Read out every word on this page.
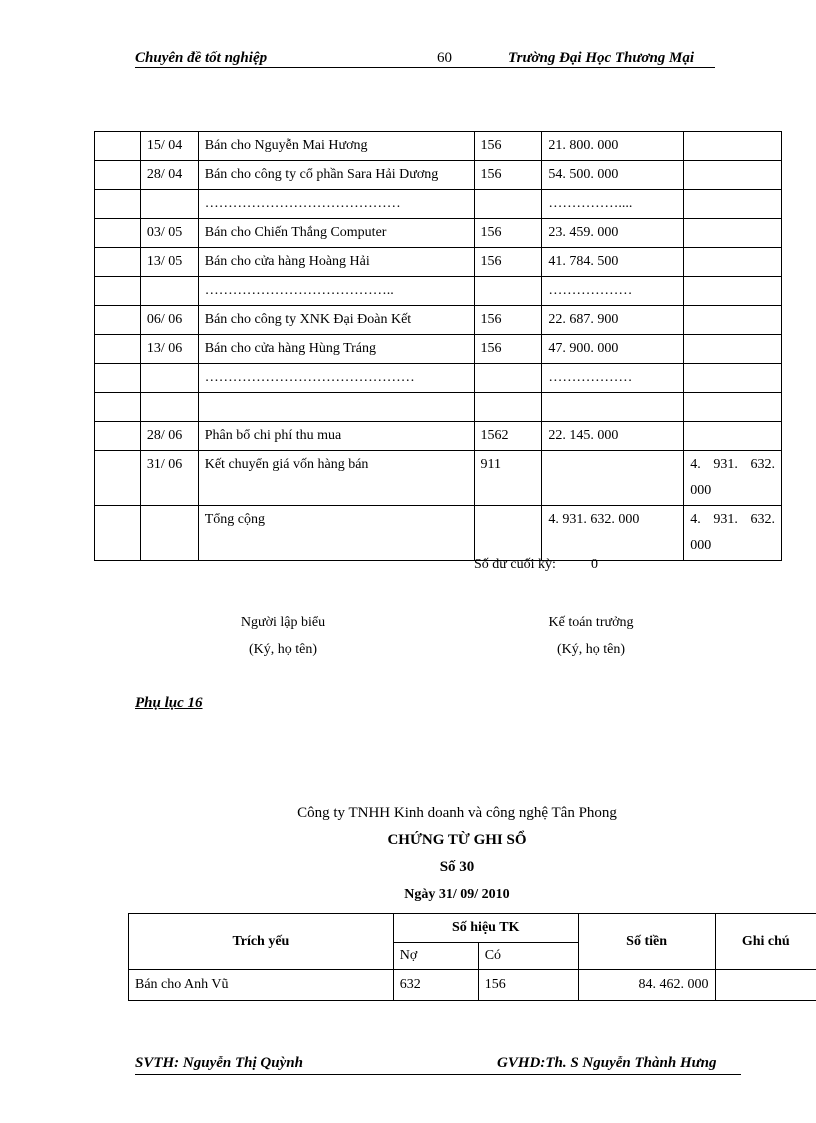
Chuyên đề tốt nghiệp	60	Trường Đại Học Thương Mại
	15/ 04	Bán cho Nguyễn Mai Hương	156	21. 800. 000	
	28/ 04	Bán cho công ty cổ phần Sara Hải Dương	156	54. 500. 000	
		……………………………………		……………....	
	03/ 05	Bán cho Chiến Thắng Computer	156	23. 459. 000	
	13/ 05	Bán cho cửa hàng Hoàng Hải	156	41. 784. 500	
		…………………………………..		………………	
	06/ 06	Bán cho công ty XNK Đại Đoàn Kết	156	22. 687. 900	
	13/ 06	Bán cho cửa hàng Hùng Tráng	156	47. 900. 000	
		………………………………………		………………	

	28/ 06	Phân bổ chi phí thu mua	1562	22. 145. 000	
	31/ 06	Kết chuyển giá vốn hàng bán	911		4. 931. 632. 000
		Tổng cộng		4. 931. 632. 000	4. 931. 632. 000
Số dư cuối kỳ:	0
Người lập biểu
(Ký, họ tên)
Kế toán trưởng
(Ký, họ tên)
Phụ lục 16
Công ty TNHH Kinh doanh và công nghệ Tân Phong
CHỨNG TỪ GHI SỔ
Số 30
Ngày 31/ 09/ 2010
Trích yếu	Số hiệu TK		Số tiền	Ghi chú
	Nợ	Có		
Bán cho Anh Vũ	632	156	84. 462. 000	
SVTH: Nguyễn Thị Quỳnh	GVHD:Th. S Nguyễn Thành Hưng
